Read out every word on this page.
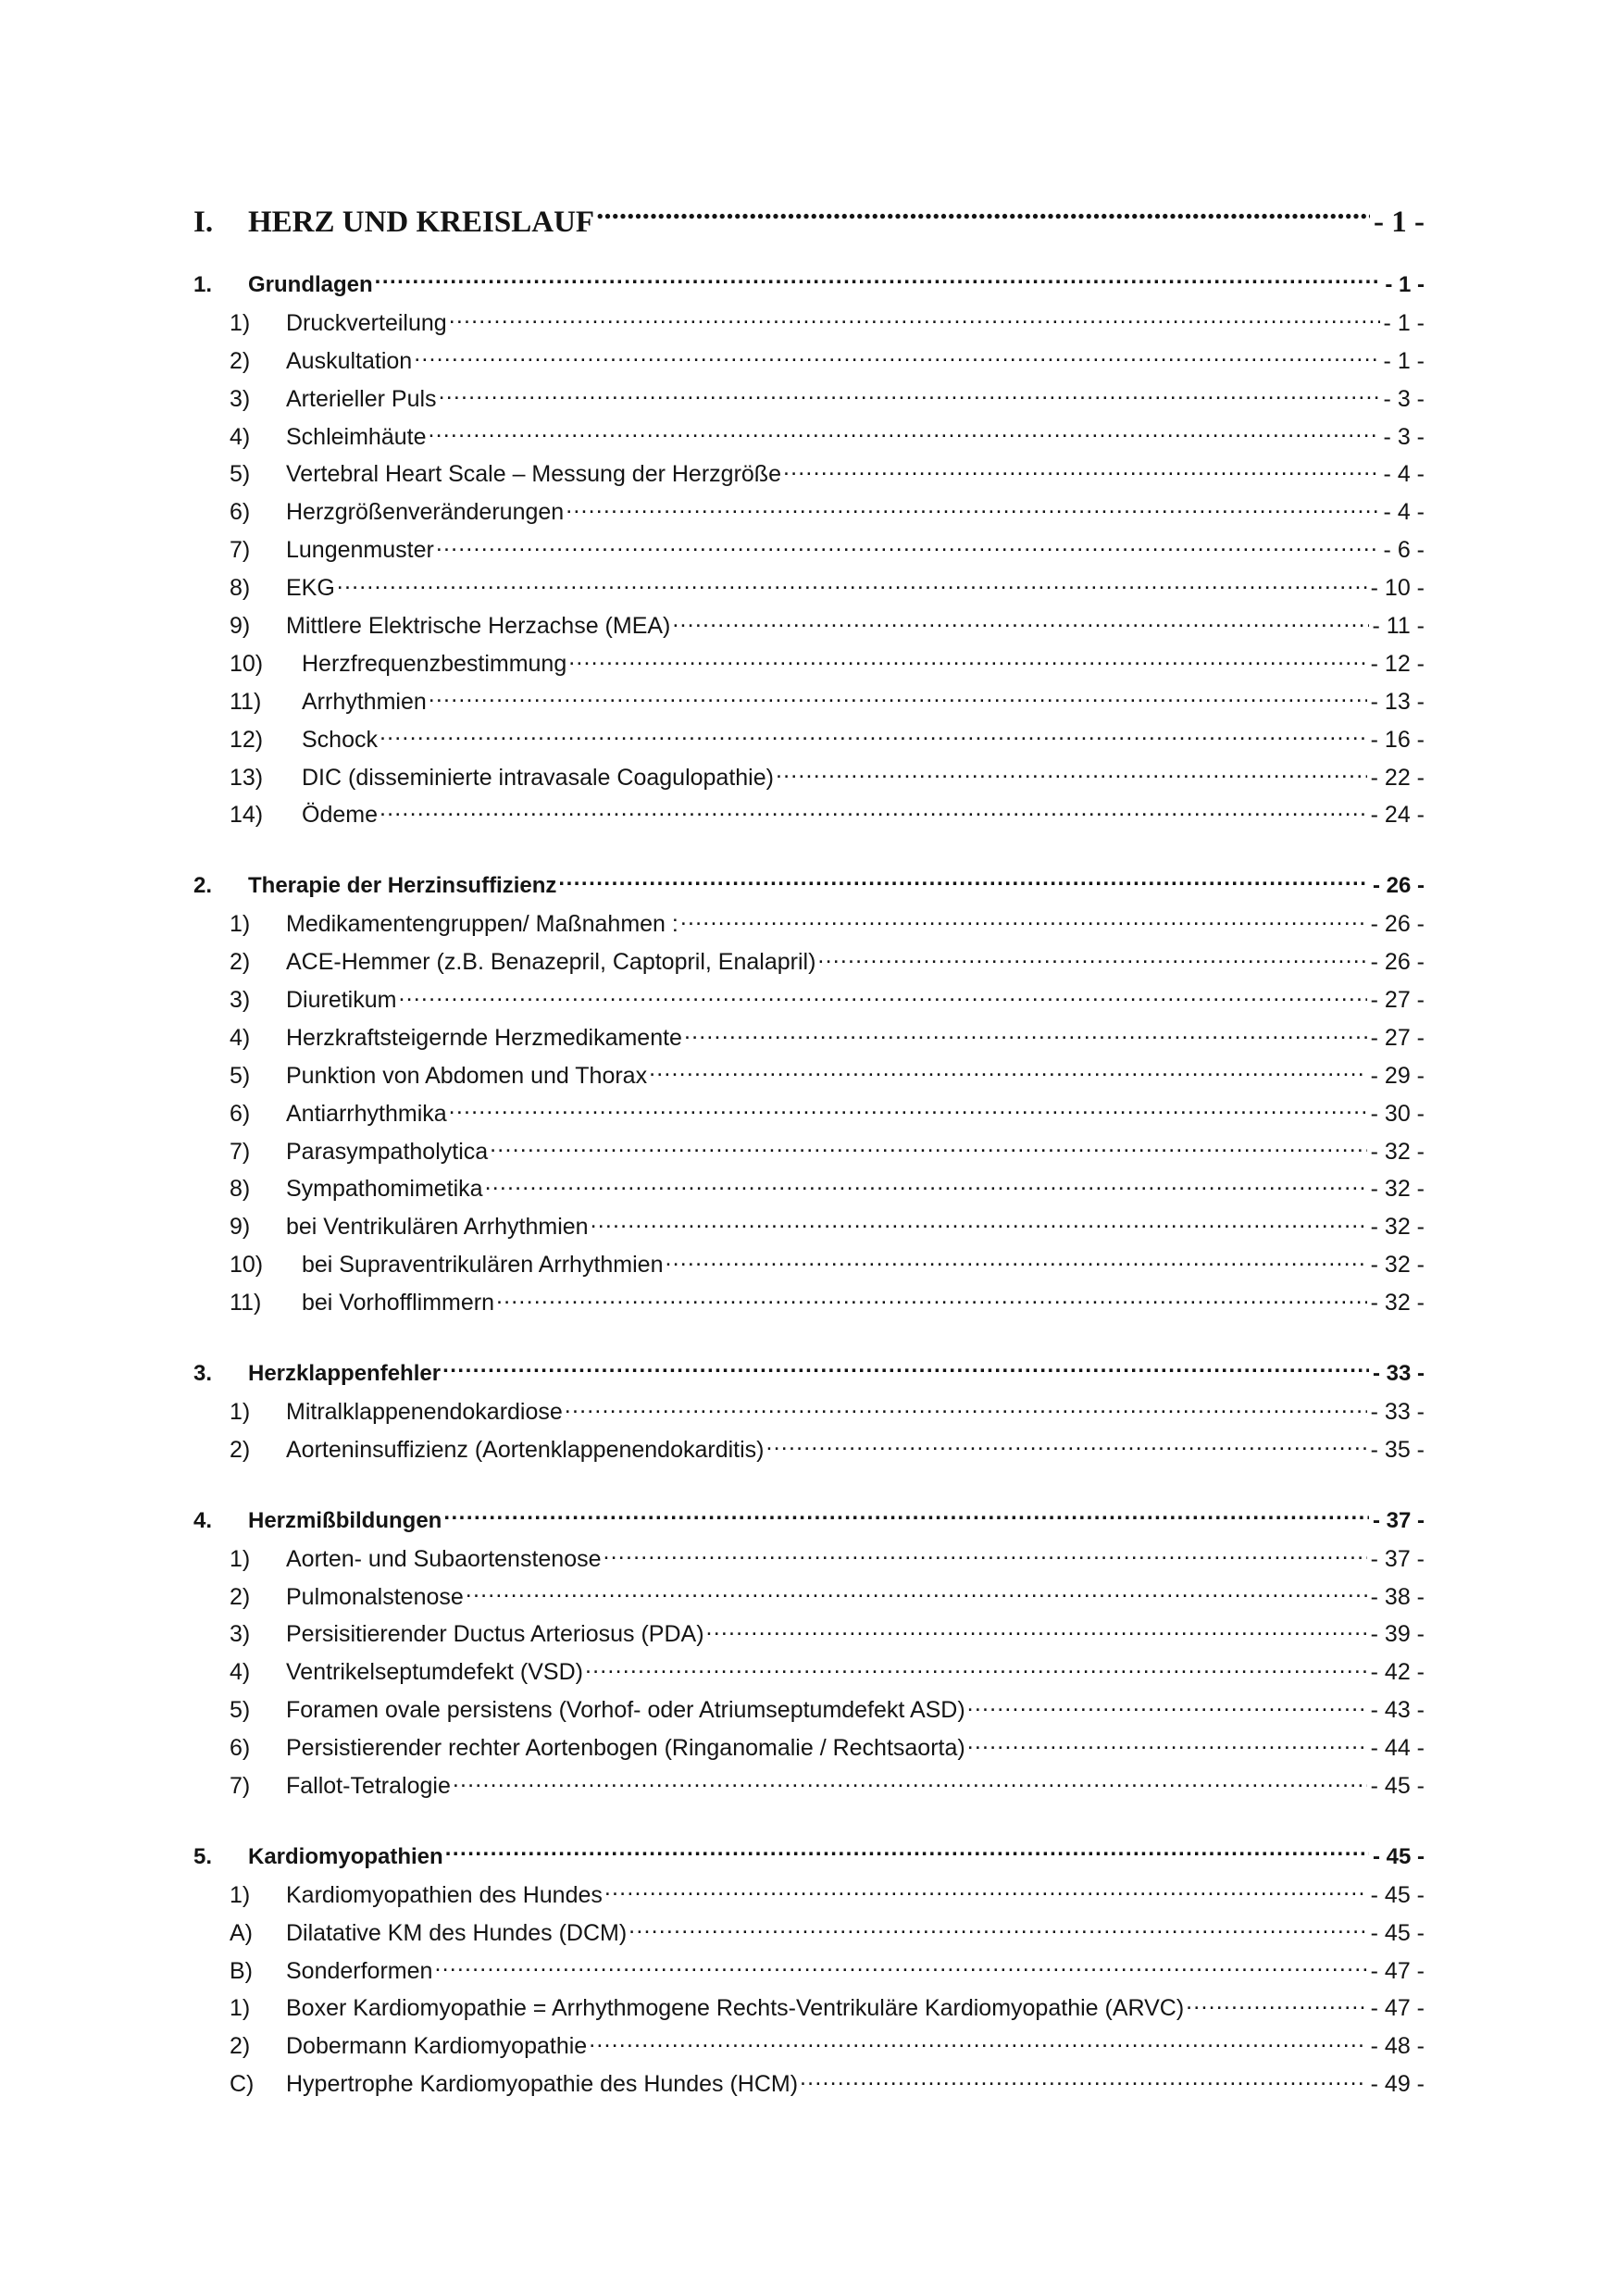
I.	HERZ UND KREISLAUF .....	- 1 -
1.	Grundlagen .....	- 1 -
1)	Druckverteilung .....	- 1 -
2)	Auskultation .....	- 1 -
3)	Arterieller Puls .....	- 3 -
4)	Schleimhäute .....	- 3 -
5)	Vertebral Heart Scale – Messung der Herzgröße .....	- 4 -
6)	Herzgrößenveränderungen .....	- 4 -
7)	Lungenmuster .....	- 6 -
8)	EKG .....	- 10 -
9)	Mittlere Elektrische Herzachse (MEA) .....	- 11 -
10)	Herzfrequenzbestimmung .....	- 12 -
11)	Arrhythmien .....	- 13 -
12)	Schock .....	- 16 -
13)	DIC (disseminierte intravasale Coagulopathie) .....	- 22 -
14)	Ödeme .....	- 24 -
2.	Therapie der Herzinsuffizienz .....	- 26 -
1)	Medikamentengruppen/ Maßnahmen : .....	- 26 -
2)	ACE-Hemmer (z.B. Benazepril, Captopril, Enalapril) .....	- 26 -
3)	Diuretikum .....	- 27 -
4)	Herzkraftsteigernde Herzmedikamente .....	- 27 -
5)	Punktion von Abdomen und Thorax .....	- 29 -
6)	Antiarrhythmika .....	- 30 -
7)	Parasympatholytica .....	- 32 -
8)	Sympathomimetika .....	- 32 -
9)	bei Ventrikulären Arrhythmien .....	- 32 -
10)	bei Supraventrikulären Arrhythmien .....	- 32 -
11)	bei Vorhofflimmern .....	- 32 -
3.	Herzklappenfehler .....	- 33 -
1)	Mitralklappenendokardiose .....	- 33 -
2)	Aorteninsuffizienz (Aortenklappenendokarditis) .....	- 35 -
4.	Herzmißbildungen .....	- 37 -
1)	Aorten- und Subaortenstenose .....	- 37 -
2)	Pulmonalstenose .....	- 38 -
3)	Persisitierender Ductus Arteriosus (PDA) .....	- 39 -
4)	Ventrikelseptumdefekt (VSD) .....	- 42 -
5)	Foramen ovale persistens (Vorhof- oder Atriumseptumdefekt ASD) .....	- 43 -
6)	Persistierender rechter Aortenbogen (Ringanomalie / Rechtsaorta) .....	- 44 -
7)	Fallot-Tetralogie .....	- 45 -
5.	Kardiomyopathien .....	- 45 -
1)	Kardiomyopathien des Hundes .....	- 45 -
A)	Dilatative KM des Hundes (DCM) .....	- 45 -
B)	Sonderformen .....	- 47 -
1)	Boxer Kardiomyopathie = Arrhythmogene Rechts-Ventrikuläre Kardiomyopathie (ARVC) .....	- 47 -
2)	Dobermann Kardiomyopathie .....	- 48 -
C)	Hypertrophe Kardiomyopathie des Hundes (HCM) .....	- 49 -
